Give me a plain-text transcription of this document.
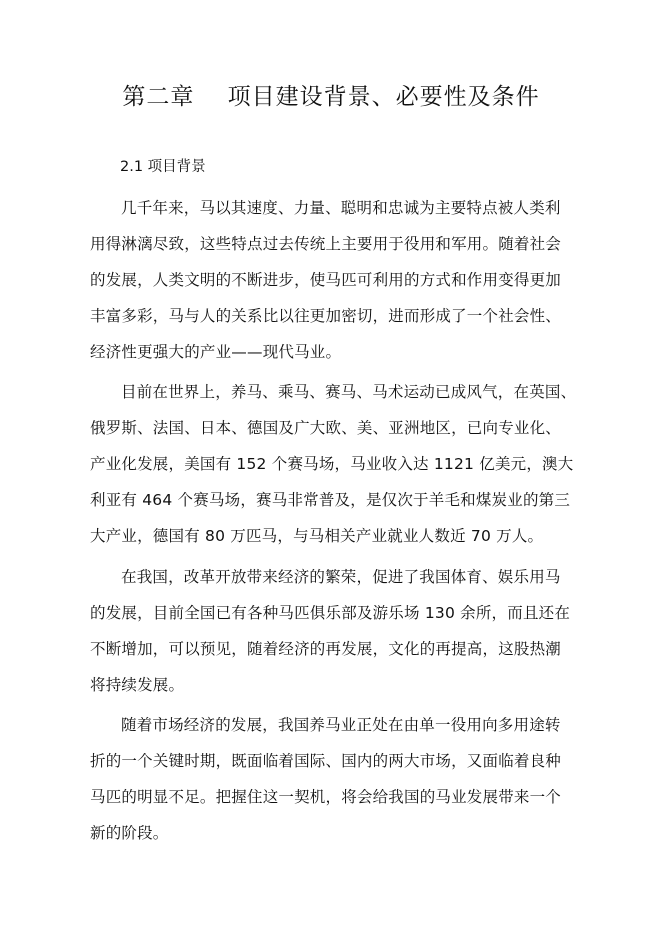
第二章    项目建设背景、必要性及条件
2.1 项目背景
几千年来，马以其速度、力量、聪明和忠诚为主要特点被人类利
用得淋漓尽致，这些特点过去传统上主要用于役用和军用。随着社会
的发展，人类文明的不断进步，使马匹可利用的方式和作用变得更加
丰富多彩，马与人的关系比以往更加密切，进而形成了一个社会性、
经济性更强大的产业——现代马业。
目前在世界上，养马、乘马、赛马、马术运动已成风气，在英国、
俄罗斯、法国、日本、德国及广大欧、美、亚洲地区，已向专业化、
产业化发展，美国有 152 个赛马场，马业收入达 1121 亿美元，澳大
利亚有 464 个赛马场，赛马非常普及，是仅次于羊毛和煤炭业的第三
大产业，德国有 80 万匹马，与马相关产业就业人数近 70 万人。
在我国，改革开放带来经济的繁荣，促进了我国体育、娱乐用马
的发展，目前全国已有各种马匹俱乐部及游乐场 130 余所，而且还在
不断增加，可以预见，随着经济的再发展，文化的再提高，这股热潮
将持续发展。
随着市场经济的发展，我国养马业正处在由单一役用向多用途转
折的一个关键时期，既面临着国际、国内的两大市场，又面临着良种
马匹的明显不足。把握住这一契机，将会给我国的马业发展带来一个
新的阶段。
